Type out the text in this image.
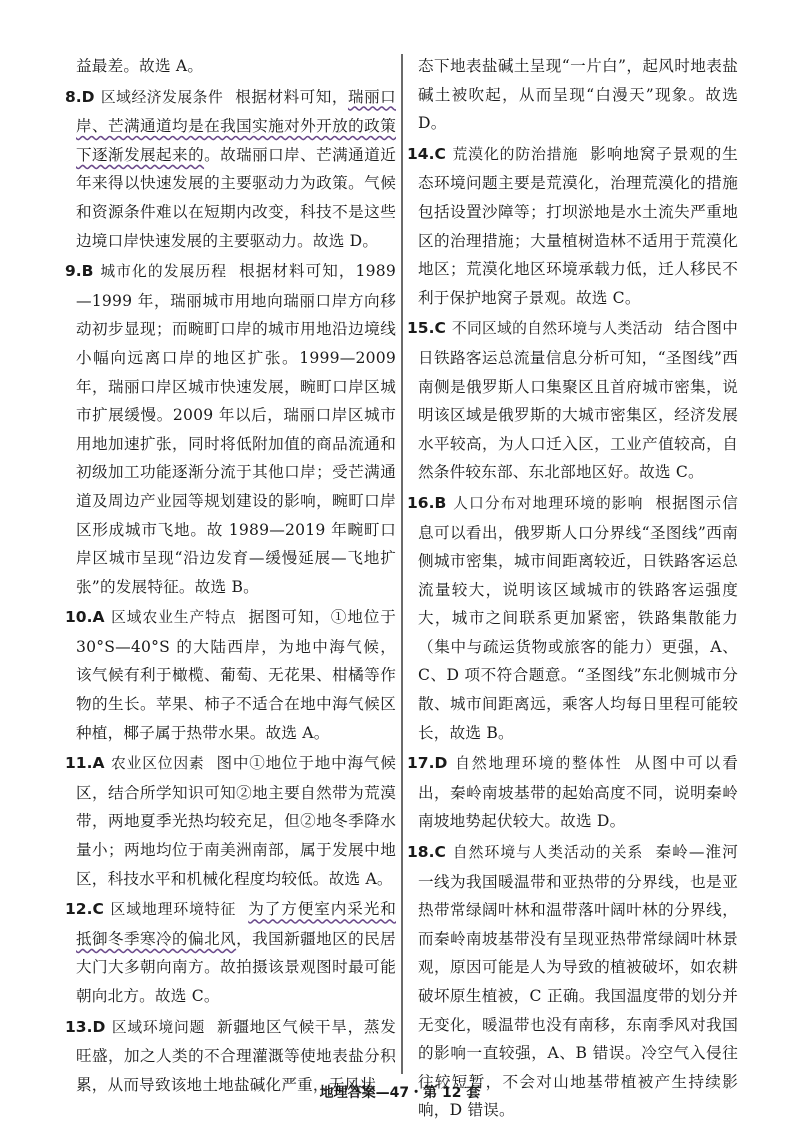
益最差。故选 A。
8.D 区域经济发展条件 根据材料可知，瑞丽口岸、芒满通道均是在我国实施对外开放的政策下逐渐发展起来的。故瑞丽口岸、芒满通道近年来得以快速发展的主要驱动力为政策。气候和资源条件难以在短期内改变，科技不是这些边境口岸快速发展的主要驱动力。故选 D。
9.B 城市化的发展历程 根据材料可知，1989—1999 年，瑞丽城市用地向瑞丽口岸方向移动初步显现；而畹町口岸的城市用地沿边境线小幅向远离口岸的地区扩张。1999—2009 年，瑞丽口岸区城市快速发展，畹町口岸区城市扩展缓慢。2009 年以后，瑞丽口岸区城市用地加速扩张，同时将低附加值的商品流通和初级加工功能逐渐分流于其他口岸；受芒满通道及周边产业园等规划建设的影响，畹町口岸区形成城市飞地。故 1989—2019 年畹町口岸区城市呈现“沿边发育—缓慢延展—飞地扩张”的发展特征。故选 B。
10.A 区域农业生产特点 据图可知，①地位于 30°S—40°S 的大陆西岸，为地中海气候，该气候有利于橄榄、葡萄、无花果、柑橘等作物的生长。苹果、柿子不适合在地中海气候区种植，椰子属于热带水果。故选 A。
11.A 农业区位因素 图中①地位于地中海气候区，结合所学知识可知②地主要自然带为荒漠带，两地夏季光热均较充足，但②地冬季降水量小；两地均位于南美洲南部，属于发展中地区，科技水平和机械化程度均较低。故选 A。
12.C 区域地理环境特征 为了方便室内采光和抵御冬季寒冷的偏北风，我国新疆地区的民居大门大多朝向南方。故拍摄该景观图时最可能朝向北方。故选 C。
13.D 区域环境问题 新疆地区气候干旱，蒸发旺盛，加之人类的不合理灌溉等使地表盐分积累，从而导致该地土地盐碱化严重，无风状
态下地表盐碱土呈现“一片白”，起风时地表盐碱土被吹起，从而呈现“白漫天”现象。故选 D。
14.C 荒漠化的防治措施 影响地窝子景观的生态环境问题主要是荒漠化，治理荒漠化的措施包括设置沙障等；打坝淤地是水土流失严重地区的治理措施；大量植树造林不适用于荒漠化地区；荒漠化地区环境承载力低，迁人移民不利于保护地窝子景观。故选 C。
15.C 不同区域的自然环境与人类活动 结合图中日铁路客运总流量信息分析可知，“圣图线”西南侧是俄罗斯人口集聚区且首府城市密集，说明该区域是俄罗斯的大城市密集区，经济发展水平较高，为人口迁入区，工业产值较高，自然条件较东部、东北部地区好。故选 C。
16.B 人口分布对地理环境的影响 根据图示信息可以看出，俄罗斯人口分界线“圣图线”西南侧城市密集，城市间距离较近，日铁路客运总流量较大，说明该区域城市的铁路客运强度大，城市之间联系更加紧密，铁路集散能力（集中与疏运货物或旅客的能力）更强，A、C、D 项不符合题意。“圣图线”东北侧城市分散、城市间距离远，乘客人均每日里程可能较长，故选 B。
17.D 自然地理环境的整体性 从图中可以看出，秦岭南坡基带的起始高度不同，说明秦岭南坡地势起伏较大。故选 D。
18.C 自然环境与人类活动的关系 秦岭—淮河一线为我国暖温带和亚热带的分界线，也是亚热带常绿阔叶林和温带落叶阔叶林的分界线，而秦岭南坡基带没有呈现亚热带常绿阔叶林景观，原因可能是人为导致的植被破坏，如农耕破坏原生植被，C 正确。我国温度带的划分并无变化，暖温带也没有南移，东南季风对我国的影响一直较强，A、B 错误。冷空气入侵往往较短暂，不会对山地基带植被产生持续影响，D 错误。
地理答案—47・第 12 套
